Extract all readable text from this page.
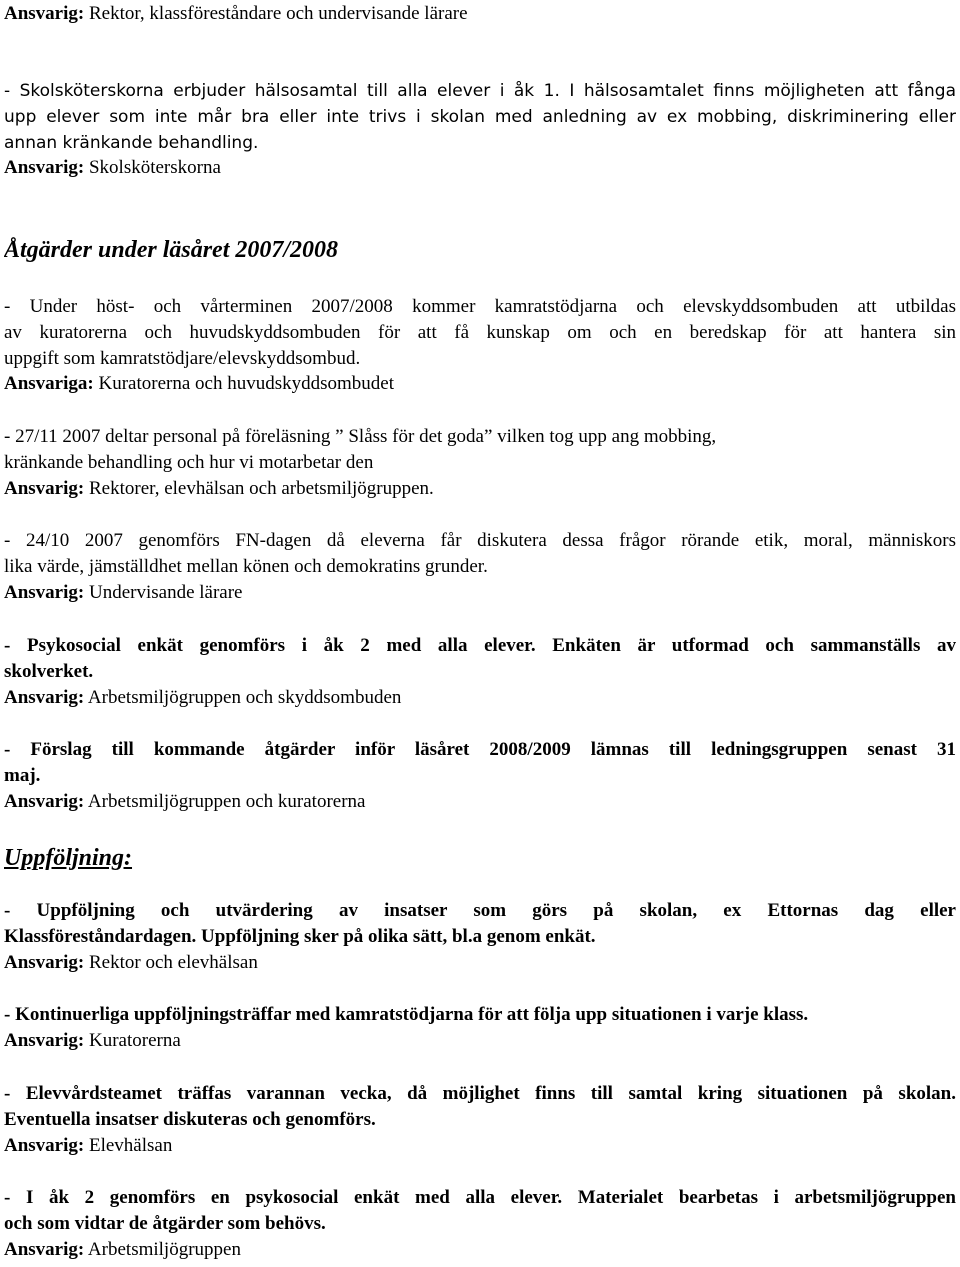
Ansvarig: Rektor, klassföreståndare och undervisande lärare
- Skolsköterskorna erbjuder hälsosamtal till alla elever i åk 1. I hälsosamtalet finns möjligheten att fånga
upp elever som inte mår bra eller inte trivs i skolan med anledning av ex mobbing, diskriminering eller
annan kränkande behandling.
Ansvarig: Skolsköterskorna
Åtgärder under läsåret 2007/2008
- Under höst- och vårterminen 2007/2008 kommer kamratstödjarna och elevskyddsombuden att utbildas
av kuratorerna och huvudskyddsombuden för att få kunskap om och en beredskap för att hantera sin
uppgift som kamratstödjare/elevskyddsombud.
Ansvariga: Kuratorerna och huvudskyddsombudet
- 27/11 2007 deltar personal på föreläsning ” Slåss för det goda” vilken tog upp ang mobbing,
kränkande behandling och hur vi motarbetar den
Ansvarig: Rektorer, elevhälsan och arbetsmiljögruppen.
- 24/10 2007 genomförs FN-dagen då eleverna får diskutera dessa frågor rörande etik, moral, människors
lika värde, jämställdhet mellan könen och demokratins grunder.
Ansvarig: Undervisande lärare
- Psykosocial enkät genomförs i åk 2 med alla elever. Enkäten är utformad och sammanställs av
skolverket.
Ansvarig: Arbetsmiljögruppen och skyddsombuden
- Förslag till kommande åtgärder inför läsåret 2008/2009 lämnas till ledningsgruppen senast 31
maj.
Ansvarig: Arbetsmiljögruppen och kuratorerna
Uppföljning:
- Uppföljning och utvärdering av insatser som görs på skolan, ex Ettornas dag eller
Klassföreståndardagen. Uppföljning sker på olika sätt, bl.a genom enkät.
Ansvarig: Rektor och elevhälsan
- Kontinuerliga uppföljningsträffar med kamratstödjarna för att följa upp situationen i varje klass.
Ansvarig: Kuratorerna
- Elevvårdsteamet träffas varannan vecka, då möjlighet finns till samtal kring situationen på skolan.
Eventuella insatser diskuteras och genomförs.
Ansvarig: Elevhälsan
- I åk 2 genomförs en psykosocial enkät med alla elever. Materialet bearbetas i arbetsmiljögruppen
och som vidtar de åtgärder som behövs.
Ansvarig: Arbetsmiljögruppen
